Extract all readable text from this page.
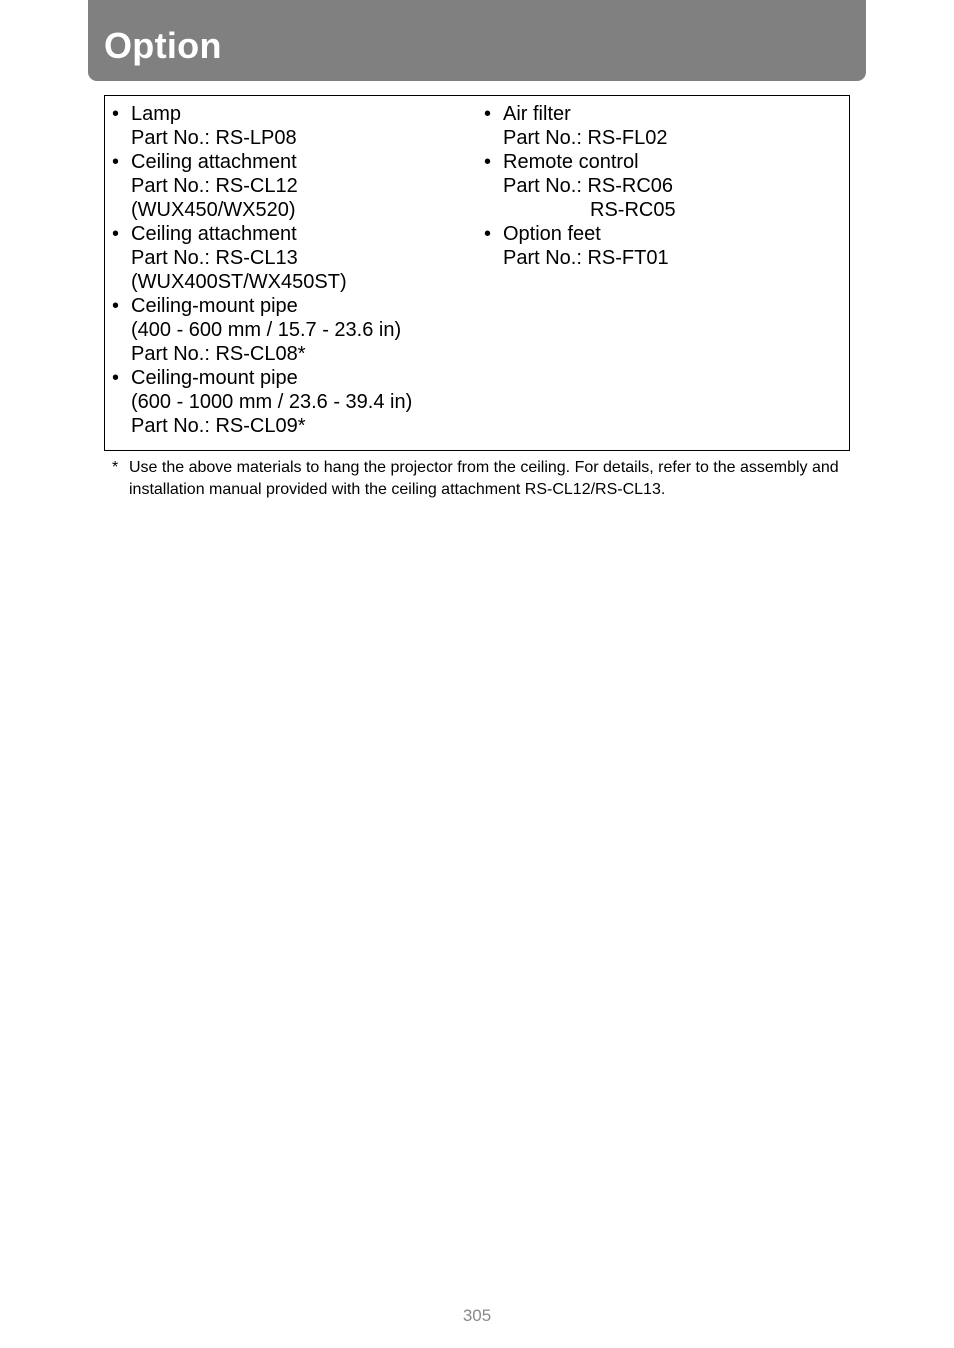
Option
• Lamp
Part No.: RS-LP08
• Ceiling attachment
Part No.: RS-CL12
(WUX450/WX520)
• Ceiling attachment
Part No.: RS-CL13
(WUX400ST/WX450ST)
• Ceiling-mount pipe
(400 - 600 mm / 15.7 - 23.6 in)
Part No.: RS-CL08*
• Ceiling-mount pipe
(600 - 1000 mm / 23.6 - 39.4 in)
Part No.: RS-CL09*
• Air filter
Part No.: RS-FL02
• Remote control
Part No.: RS-RC06
RS-RC05
• Option feet
Part No.: RS-FT01
* Use the above materials to hang the projector from the ceiling. For details, refer to the assembly and installation manual provided with the ceiling attachment RS-CL12/RS-CL13.
305
